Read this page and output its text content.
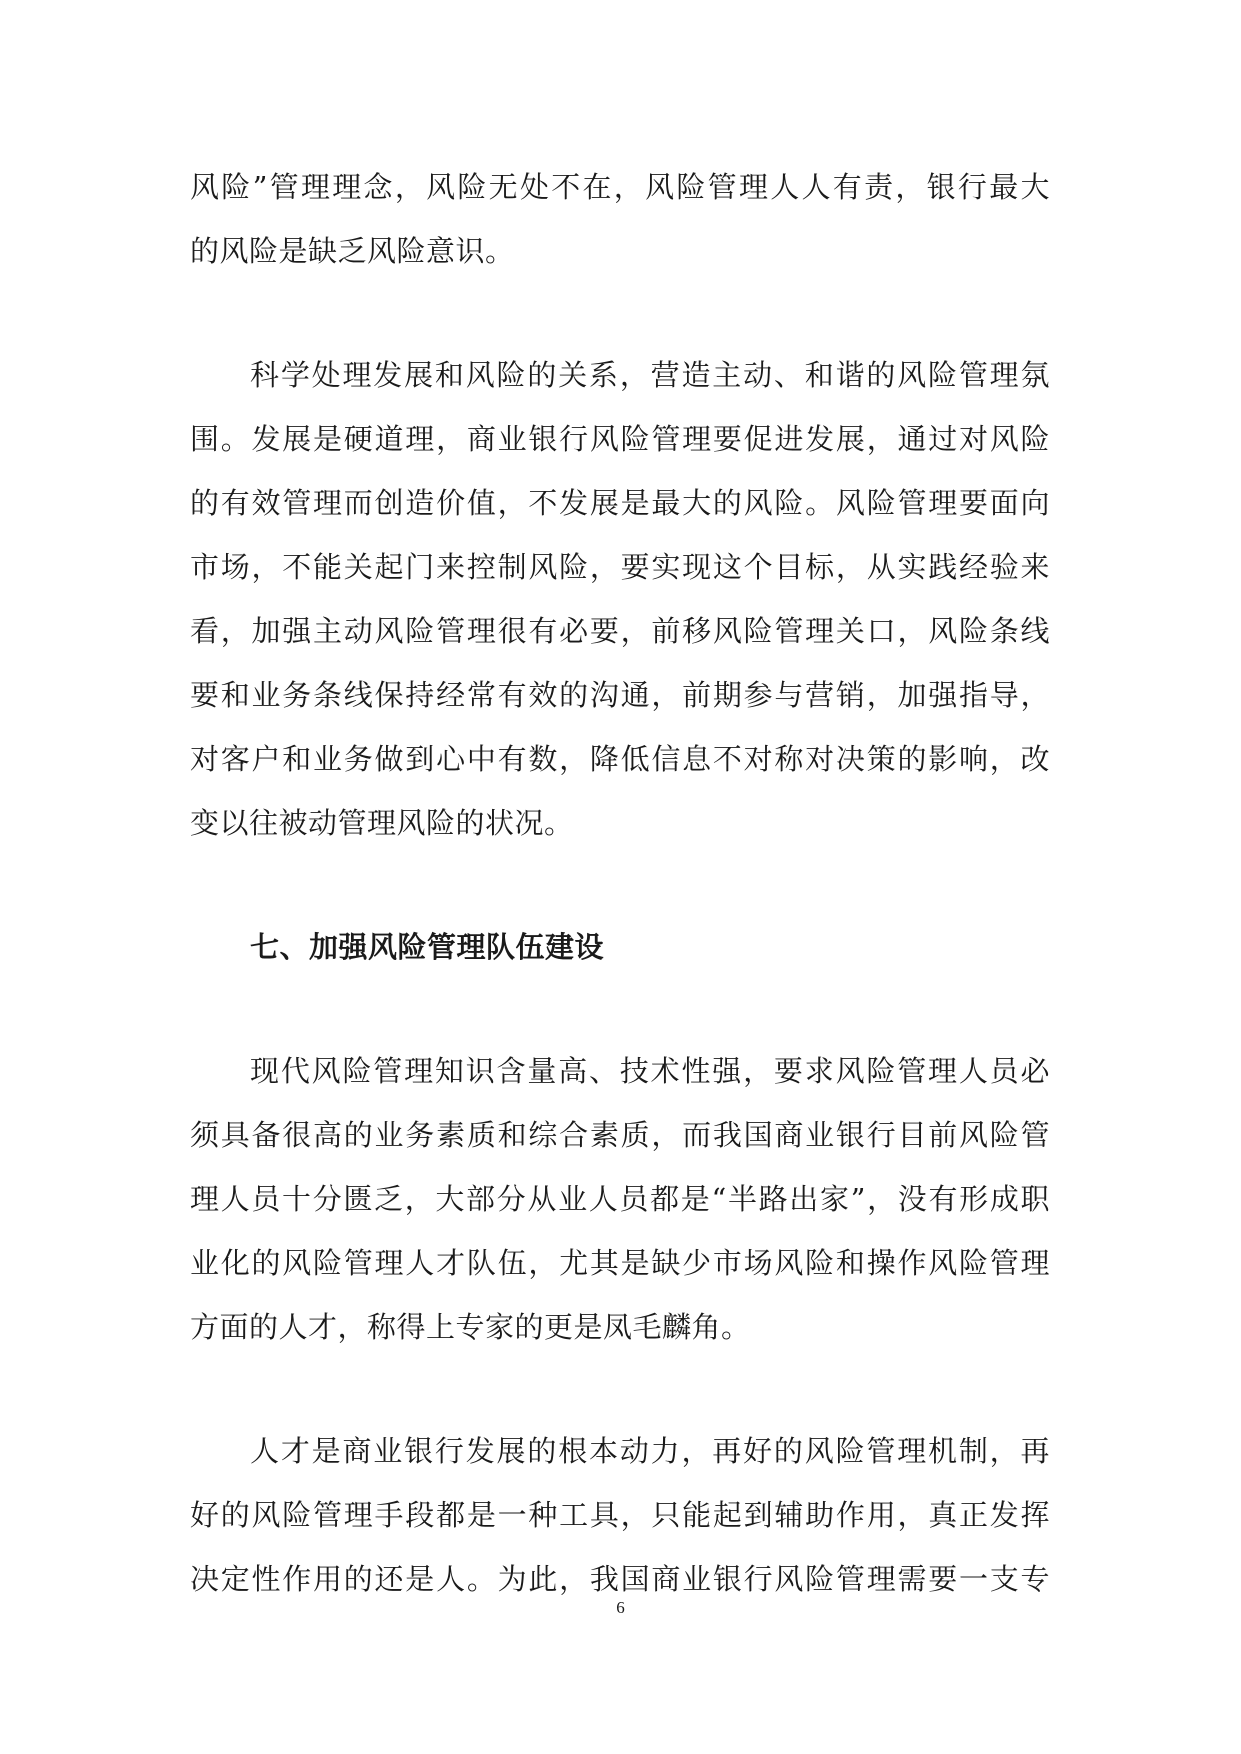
风险”管理理念，风险无处不在，风险管理人人有责，银行最大
的风险是缺乏风险意识。
科学处理发展和风险的关系，营造主动、和谐的风险管理氛
围。发展是硬道理，商业银行风险管理要促进发展，通过对风险
的有效管理而创造价值，不发展是最大的风险。风险管理要面向
市场，不能关起门来控制风险，要实现这个目标，从实践经验来
看，加强主动风险管理很有必要，前移风险管理关口，风险条线
要和业务条线保持经常有效的沟通，前期参与营销，加强指导，
对客户和业务做到心中有数，降低信息不对称对决策的影响，改
变以往被动管理风险的状况。
七、加强风险管理队伍建设
现代风险管理知识含量高、技术性强，要求风险管理人员必
须具备很高的业务素质和综合素质，而我国商业银行目前风险管
理人员十分匮乏，大部分从业人员都是“半路出家”，没有形成职
业化的风险管理人才队伍，尤其是缺少市场风险和操作风险管理
方面的人才，称得上专家的更是凤毛麟角。
人才是商业银行发展的根本动力，再好的风险管理机制，再
好的风险管理手段都是一种工具，只能起到辅助作用，真正发挥
决定性作用的还是人。为此，我国商业银行风险管理需要一支专
6
